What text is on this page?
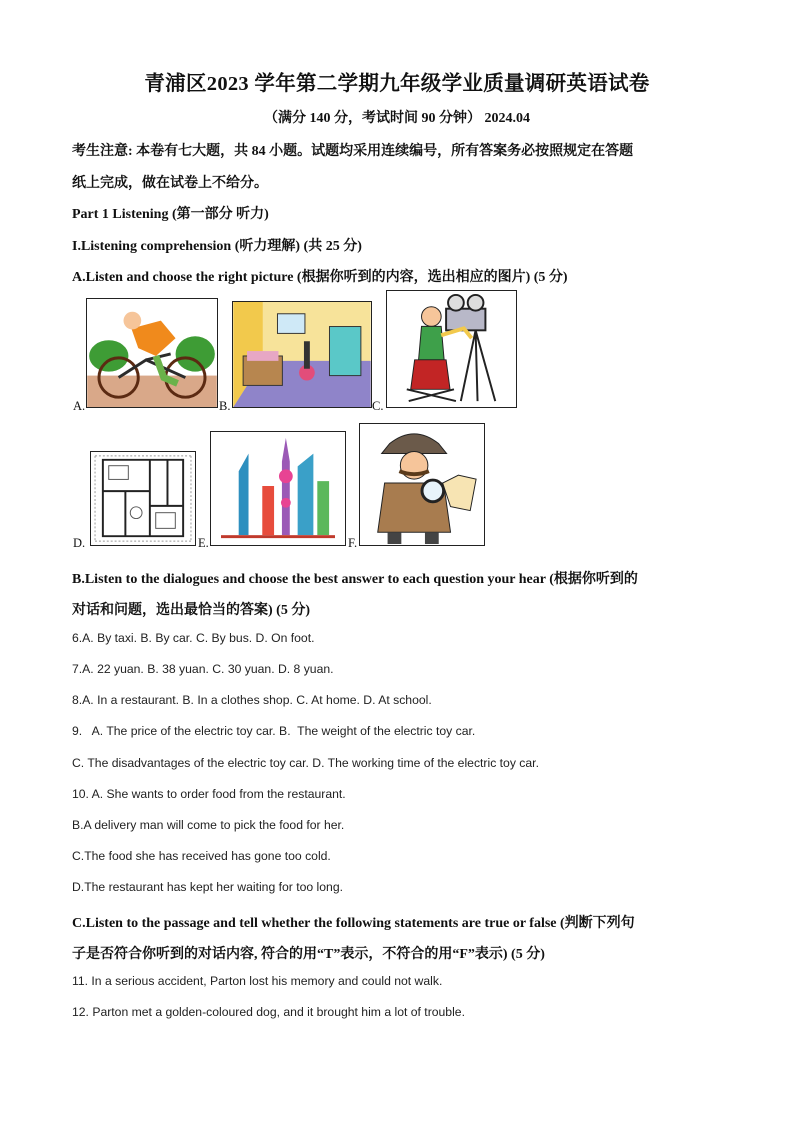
青浦区2023 学年第二学期九年级学业质量调研英语试卷
（满分 140 分，考试时间 90 分钟） 2024.04
考生注意: 本卷有七大题，共 84 小题。试题均采用连续编号，所有答案务必按照规定在答题
纸上完成，做在试卷上不给分。
Part 1 Listening (第一部分 听力)
I.Listening comprehension (听力理解) (共 25 分)
A.Listen and choose the right picture (根据你听到的内容，选出相应的图片) (5 分)
A.	B.	C.
D.	E.	F.
B.Listen to the dialogues and choose the best answer to each question your hear (根据你听到的
对话和问题，选出最恰当的答案) (5 分)
6.A. By taxi. B. By car. C. By bus. D. On foot.
7.A. 22 yuan. B. 38 yuan. C. 30 yuan. D. 8 yuan.
8.A. In a restaurant. B. In a clothes shop. C. At home. D. At school.
9.   A. The price of the electric toy car. B.  The weight of the electric toy car.
C. The disadvantages of the electric toy car. D. The working time of the electric toy car.
10. A. She wants to order food from the restaurant.
B.A delivery man will come to pick the food for her.
C.The food she has received has gone too cold.
D.The restaurant has kept her waiting for too long.
C.Listen to the passage and tell whether the following statements are true or false (判断下列句
子是否符合你听到的对话内容, 符合的用“T”表示，不符合的用“F”表示) (5 分)
11. In a serious accident, Parton lost his memory and could not walk.
12. Parton met a golden-coloured dog, and it brought him a lot of trouble.
